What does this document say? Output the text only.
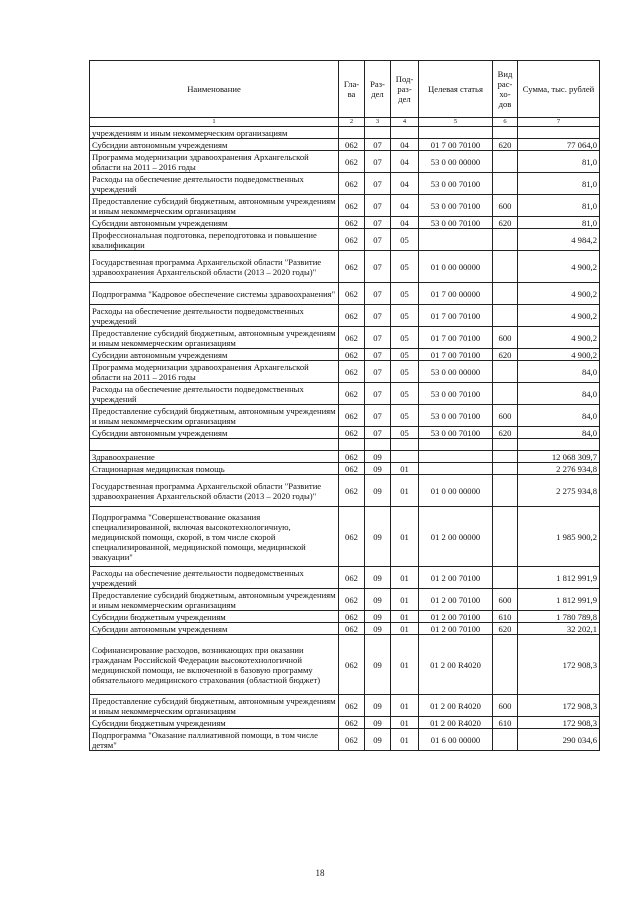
Наименование	Гла-ва	Раз-дел	Под-раз-дел	Целевая статья	Вид рас-хо-дов	Сумма, тыс. рублей
1	2	3	4	5	6	7
учреждениям и иным некоммерческим организациям						
Субсидии автономным учреждениям	062	07	04	01 7 00 70100	620	77 064,0
Программа модернизации здравоохранения Архангельской области на 2011 – 2016 годы	062	07	04	53 0 00 00000		81,0
Расходы на обеспечение деятельности подведомственных учреждений	062	07	04	53 0 00 70100		81,0
Предоставление субсидий бюджетным, автономным учреждениям и иным некоммерческим организациям	062	07	04	53 0 00 70100	600	81,0
Субсидии автономным учреждениям	062	07	04	53 0 00 70100	620	81,0
Профессиональная подготовка, переподготовка и повышение квалификации	062	07	05			4 984,2
Государственная программа Архангельской области "Развитие здравоохранения Архангельской области (2013 – 2020 годы)"	062	07	05	01 0 00 00000		4 900,2
Подпрограмма "Кадровое обеспечение системы здравоохранения"	062	07	05	01 7 00 00000		4 900,2
Расходы на обеспечение деятельности подведомственных учреждений	062	07	05	01 7 00 70100		4 900,2
Предоставление субсидий бюджетным, автономным учреждениям и иным некоммерческим организациям	062	07	05	01 7 00 70100	600	4 900,2
Субсидии автономным учреждениям	062	07	05	01 7 00 70100	620	4 900,2
Программа модернизации здравоохранения Архангельской области на 2011 – 2016 годы	062	07	05	53 0 00 00000		84,0
Расходы на обеспечение деятельности подведомственных учреждений	062	07	05	53 0 00 70100		84,0
Предоставление субсидий бюджетным, автономным учреждениям и иным некоммерческим организациям	062	07	05	53 0 00 70100	600	84,0
Субсидии автономным учреждениям	062	07	05	53 0 00 70100	620	84,0

Здравоохранение	062	09				12 068 309,7
Стационарная медицинская помощь	062	09	01			2 276 934,8
Государственная программа Архангельской области "Развитие здравоохранения Архангельской области (2013 – 2020 годы)"	062	09	01	01 0 00 00000		2 275 934,8
Подпрограмма "Совершенствование оказания специализированной, включая высокотехнологичную, медицинской помощи, скорой, в том числе скорой специализированной, медицинской помощи, медицинской эвакуации"	062	09	01	01 2 00 00000		1 985 900,2
Расходы на обеспечение деятельности подведомственных учреждений	062	09	01	01 2 00 70100		1 812 991,9
Предоставление субсидий бюджетным, автономным учреждениям и иным некоммерческим организациям	062	09	01	01 2 00 70100	600	1 812 991,9
Субсидии бюджетным учреждениям	062	09	01	01 2 00 70100	610	1 780 789,8
Субсидии автономным учреждениям	062	09	01	01 2 00 70100	620	32 202,1
Софинансирование расходов, возникающих при оказании гражданам Российской Федерации высокотехнологичной медицинской помощи, не включенной в базовую программу обязательного медицинского страхования (областной бюджет)	062	09	01	01 2 00 R4020		172 908,3
Предоставление субсидий бюджетным, автономным учреждениям и иным некоммерческим организациям	062	09	01	01 2 00 R4020	600	172 908,3
Субсидии бюджетным учреждениям	062	09	01	01 2 00 R4020	610	172 908,3
Подпрограмма "Оказание паллиативной помощи, в том числе детям"	062	09	01	01 6 00 00000		290 034,6
18
